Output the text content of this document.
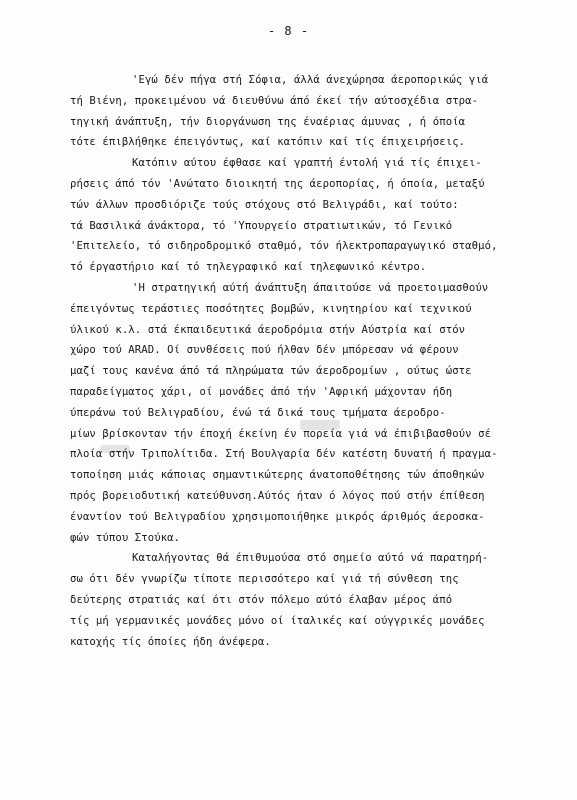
- 8 -
'Εγώ δέν πήγα στή Σόφια, άλλά άνεχώρησα άεροπορικώς γιά
τή Βιένη, προκειμένου νά διευθύνω άπό έκεί τήν αύτοσχέδια στρα-
τηγική άνάπτυξη, τήν διοργάνωση της έναέριας άμυνας , ή όποία
τότε έπιβλήθηκε έπειγόντως, καί κατόπιν καί τίς έπιχειρήσεις.
Κατόπιν αύτου έφθασε καί γραπτή έντολή γιά τίς έπιχει-
ρήσεις άπό τόν 'Ανώτατο διοικητή της άεροπορίας, ή όποία, μεταξύ
τών άλλων προσδιόριζε τούς στόχους στό Βελιγράδι, καί τούτο:
τά Βασιλικά άνάκτορα, τό 'Υπουργείο στρατιωτικών, τό Γενικό
'Επιτελείο, τό σιδηροδρομικό σταθμό, τόν ήλεκτροπαραγωγικό σταθμό,
τό έργαστήριο καί τό τηλεγραφικό καί τηλεφωνικό κέντρο.
'Η στρατηγική αύτή άνάπτυξη άπαιτούσε νά προετοιμασθούν
έπειγόντως τεράστιες ποσότητες βομβών, κινητηρίου καί τεχνικού
ύλικού κ.λ. στά έκπαιδευτικά άεροδρόμια στήν Αύστρία καί στόν
χώρο τού ARAD. Οί συνθέσεις πού ήλθαν δέν μπόρεσαν νά φέρουν
μαζί τους κανένα άπό τά πληρώματα τών άεροδρομίων , ούτως ώστε
παραδείγματος χάρι, οί μονάδες άπό τήν 'Αφρική μάχονταν ήδη
ύπεράνω τού Βελιγραδίου, ένώ τά δικά τους τμήματα άεροδρο-
μίων βρίσκονταν τήν έποχή έκείνη έν πορεία γιά νά έπιβιβασθούν σέ
πλοία στήν Τριπολίτιδα. Στή Βουλγαρία δέν κατέστη δυνατή ή πραγμα-
τοποίηση μιάς κάποιας σημαντικώτερης άνατοποθέτησης τών άποθηκών
πρός βορειοδυτική κατεύθυνση.Αύτός ήταν ό λόγος πού στήν έπίθεση
έναντίον τού Βελιγραδίου χρησιμοποιήθηκε μικρός άριθμός άεροσκα-
φών τύπου Στούκα.
Καταλήγοντας θά έπιθυμούσα στό σημείο αύτό νά παρατηρή-
σω ότι δέν γνωρίζω τίποτε περισσότερο καί γιά τή σύνθεση της
δεύτερης στρατιάς καί ότι στόν πόλεμο αύτό έλαβαν μέρος άπό
τίς μή γερμανικές μονάδες μόνο οί ίταλικές καί ούγγρικές μονάδες
κατοχής τίς όποίες ήδη άνέφερα.
